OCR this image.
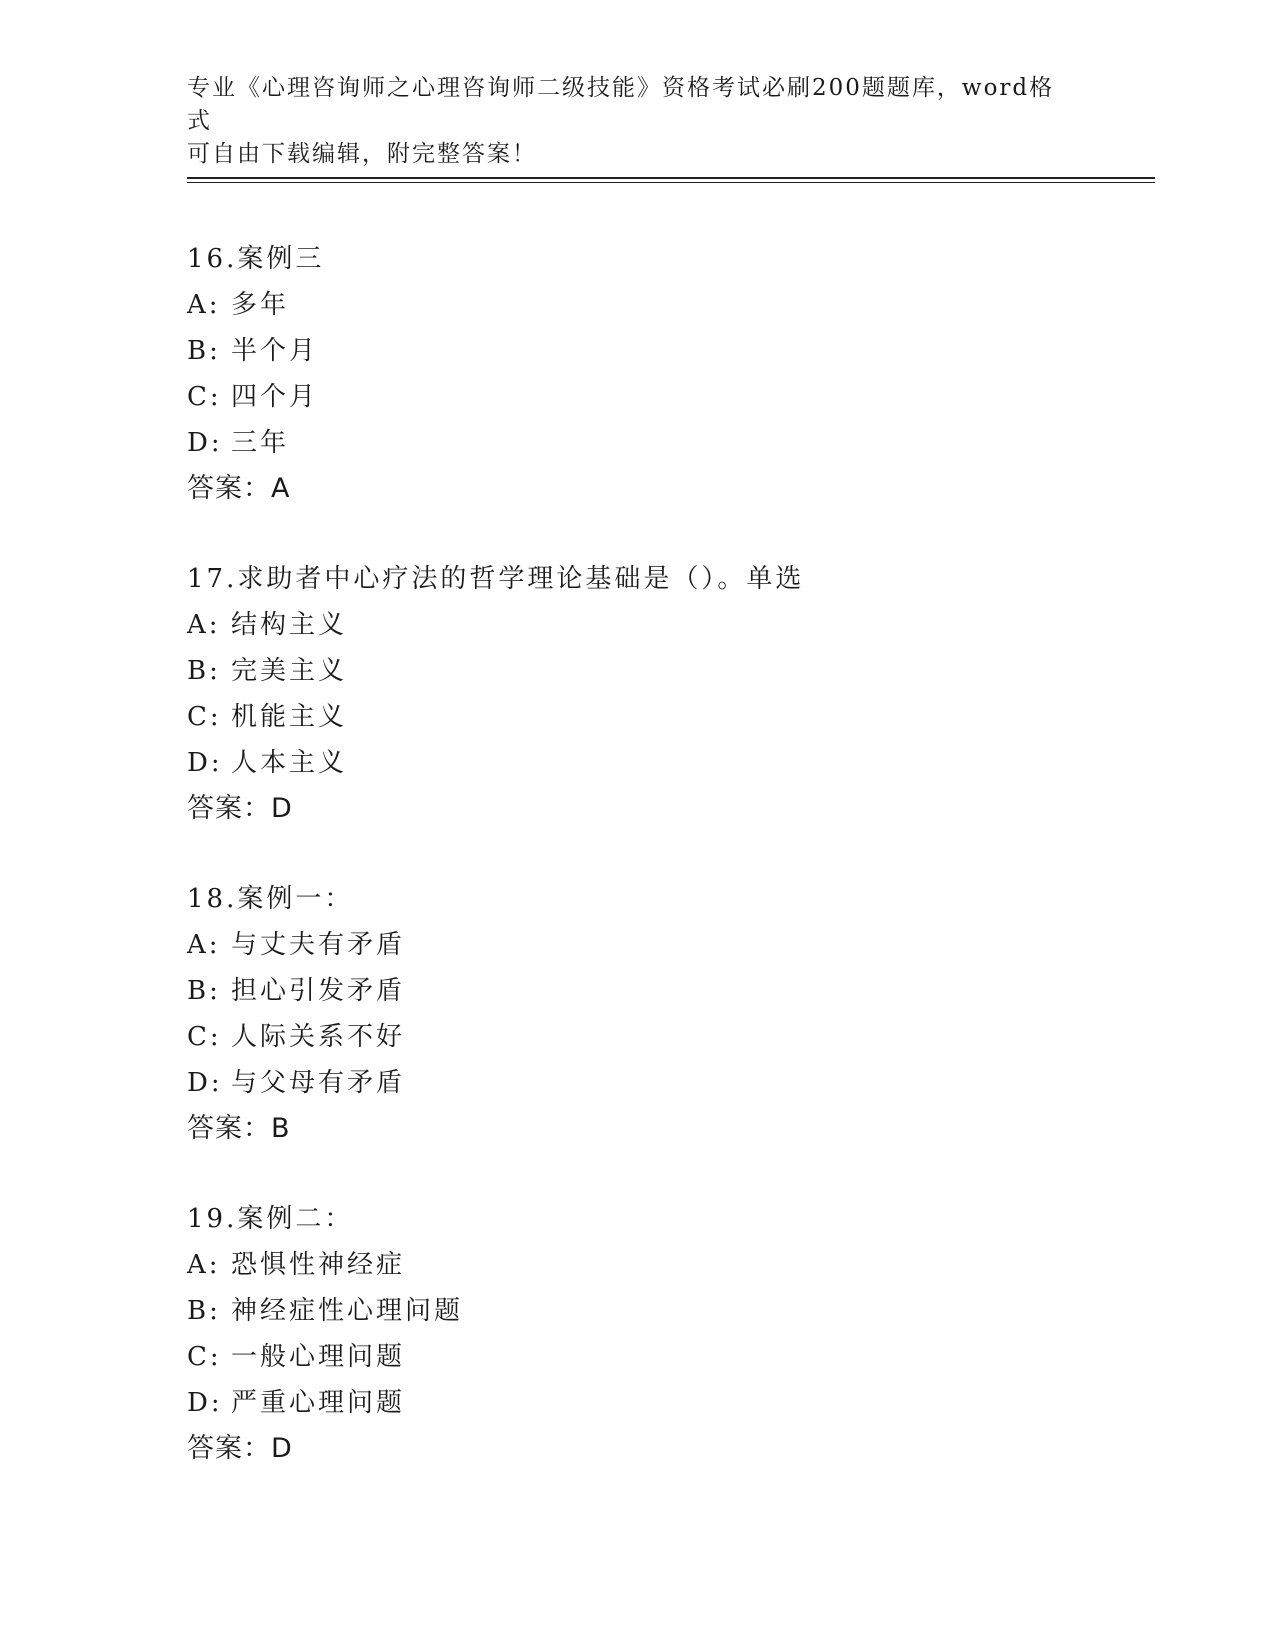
专业《心理咨询师之心理咨询师二级技能》资格考试必刷200题题库，word格式

可自由下载编辑，附完整答案！

16.案例三
A: 多年
B: 半个月
C: 四个月
D: 三年
答案：A
17.求助者中心疗法的哲学理论基础是（）。单选
A: 结构主义
B: 完美主义
C: 机能主义
D: 人本主义
答案：D
18.案例一：
A: 与丈夫有矛盾
B: 担心引发矛盾
C: 人际关系不好
D: 与父母有矛盾
答案：B
19.案例二：
A: 恐惧性神经症
B: 神经症性心理问题
C: 一般心理问题
D: 严重心理问题
答案：D
